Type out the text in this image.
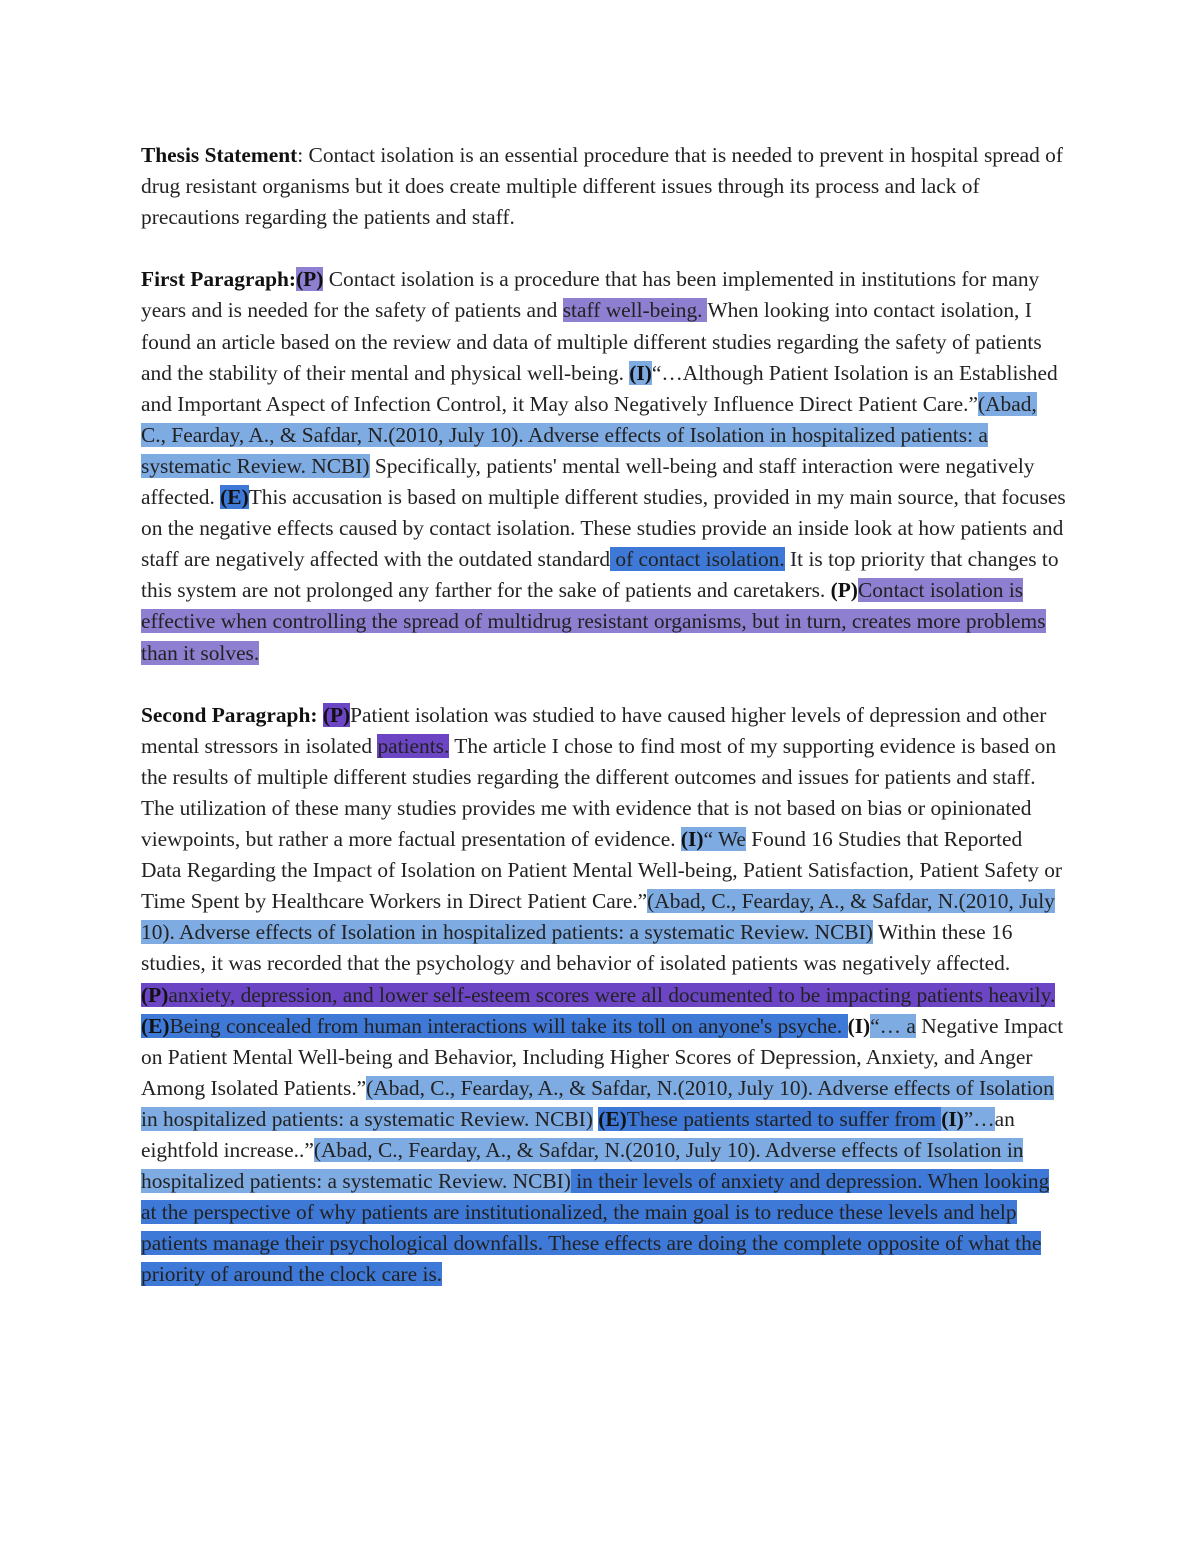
Thesis Statement: Contact isolation is an essential procedure that is needed to prevent in hospital spread of drug resistant organisms but it does create multiple different issues through its process and lack of precautions regarding the patients and staff.

First Paragraph:(P) Contact isolation is a procedure that has been implemented in institutions for many years and is needed for the safety of patients and staff well-being. When looking into contact isolation, I found an article based on the review and data of multiple different studies regarding the safety of patients and the stability of their mental and physical well-being. (I)“…Although Patient Isolation is an Established and Important Aspect of Infection Control, it May also Negatively Influence Direct Patient Care.”(Abad, C., Fearday, A., & Safdar, N.(2010, July 10). Adverse effects of Isolation in hospitalized patients: a systematic Review. NCBI) Specifically, patients' mental well-being and staff interaction were negatively affected. (E)This accusation is based on multiple different studies, provided in my main source, that focuses on the negative effects caused by contact isolation. These studies provide an inside look at how patients and staff are negatively affected with the outdated standard of contact isolation. It is top priority that changes to this system are not prolonged any farther for the sake of patients and caretakers. (P)Contact isolation is effective when controlling the spread of multidrug resistant organisms, but in turn, creates more problems than it solves.

Second Paragraph: (P)Patient isolation was studied to have caused higher levels of depression and other mental stressors in isolated patients. The article I chose to find most of my supporting evidence is based on the results of multiple different studies regarding the different outcomes and issues for patients and staff. The utilization of these many studies provides me with evidence that is not based on bias or opinionated viewpoints, but rather a more factual presentation of evidence. (I)“ We Found 16 Studies that Reported Data Regarding the Impact of Isolation on Patient Mental Well-being, Patient Satisfaction, Patient Safety or Time Spent by Healthcare Workers in Direct Patient Care.”(Abad, C., Fearday, A., & Safdar, N.(2010, July 10). Adverse effects of Isolation in hospitalized patients: a systematic Review. NCBI) Within these 16 studies, it was recorded that the psychology and behavior of isolated patients was negatively affected. (P)anxiety, depression, and lower self-esteem scores were all documented to be impacting patients heavily. (E)Being concealed from human interactions will take its toll on anyone's psyche. (I)“… a Negative Impact on Patient Mental Well-being and Behavior, Including Higher Scores of Depression, Anxiety, and Anger Among Isolated Patients.”(Abad, C., Fearday, A., & Safdar, N.(2010, July 10). Adverse effects of Isolation in hospitalized patients: a systematic Review. NCBI) (E)These patients started to suffer from (I)”…an eightfold increase..”(Abad, C., Fearday, A., & Safdar, N.(2010, July 10). Adverse effects of Isolation in hospitalized patients: a systematic Review. NCBI) in their levels of anxiety and depression. When looking at the perspective of why patients are institutionalized, the main goal is to reduce these levels and help patients manage their psychological downfalls. These effects are doing the complete opposite of what the priority of around the clock care is.
